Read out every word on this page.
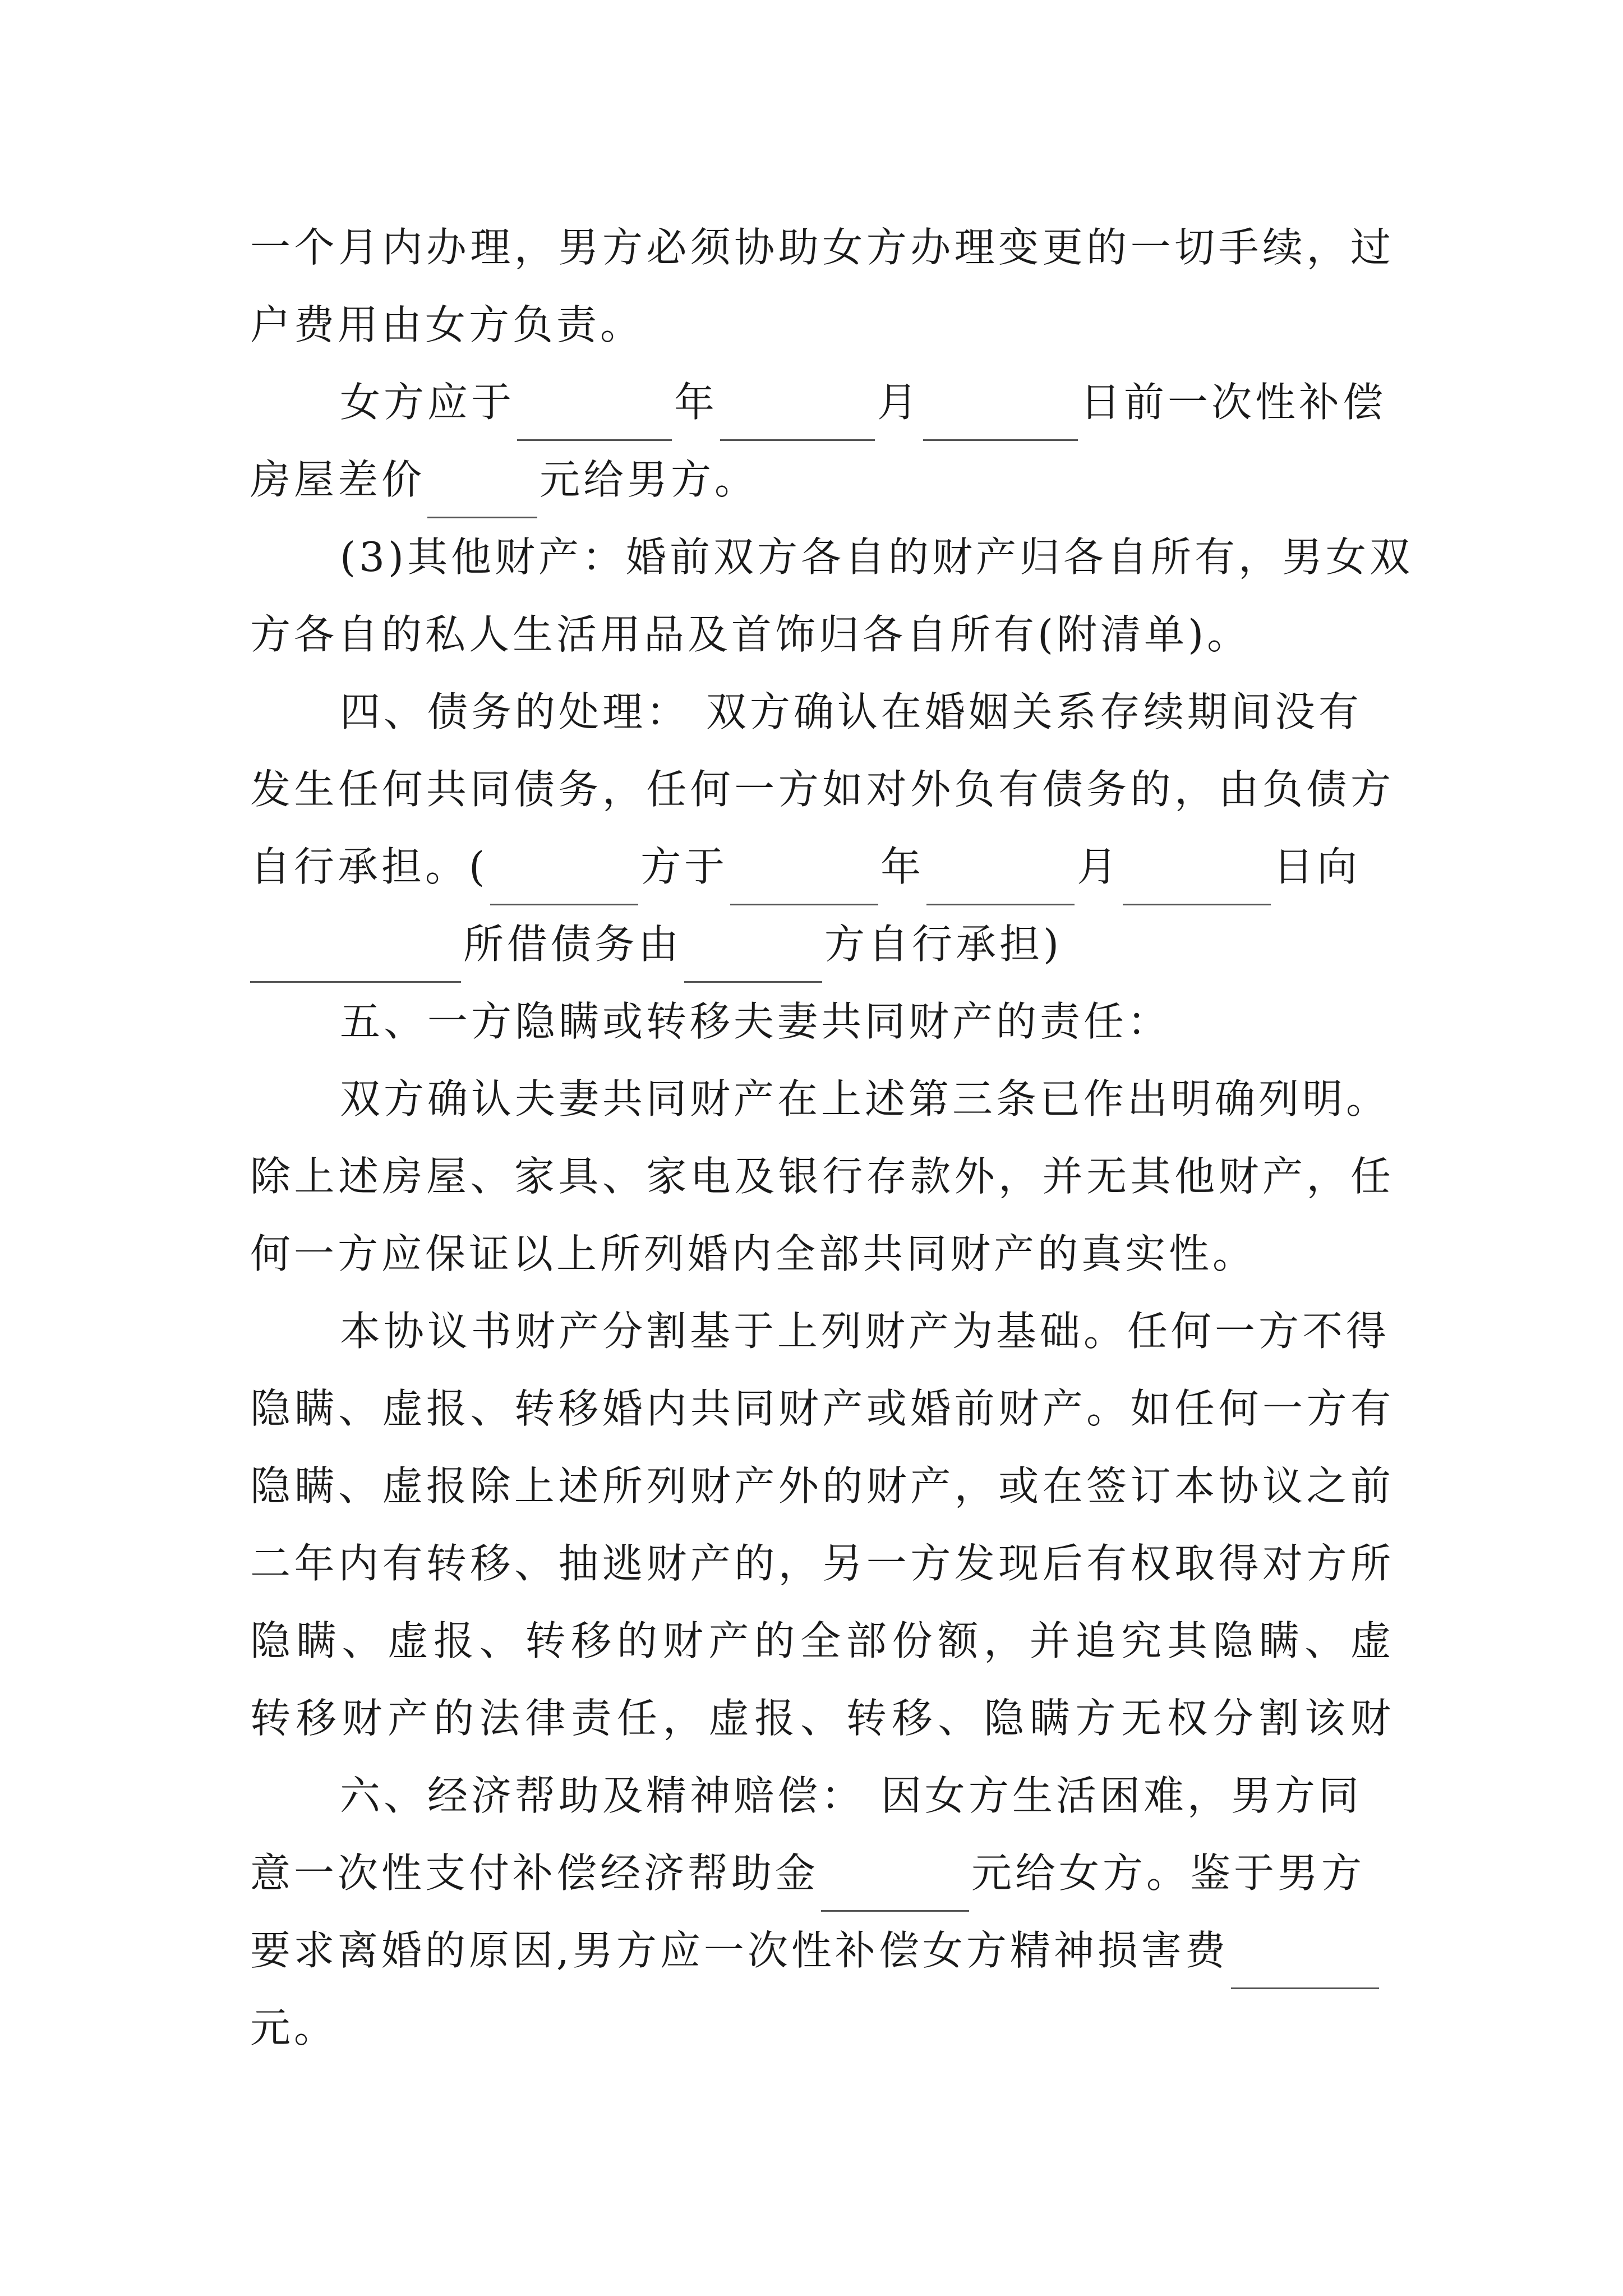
一个月内办理，男方必须协助女方办理变更的一切手续，过
户费用由女方负责。
女方应于	年	月	日前一次性补偿
房屋差价	元给男方。
(3)其他财产：婚前双方各自的财产归各自所有，男女双
方各自的私人生活用品及首饰归各自所有(附清单)。
四、债务的处理： 双方确认在婚姻关系存续期间没有
发生任何共同债务，任何一方如对外负有债务的，由负债方
自行承担。(	方于	年	月	日向
所借债务由	方自行承担)
五、一方隐瞒或转移夫妻共同财产的责任：
双方确认夫妻共同财产在上述第三条已作出明确列明。
除上述房屋、家具、家电及银行存款外，并无其他财产，任
何一方应保证以上所列婚内全部共同财产的真实性。
本协议书财产分割基于上列财产为基础。任何一方不得
隐瞒、虚报、转移婚内共同财产或婚前财产。如任何一方有
隐瞒、虚报除上述所列财产外的财产，或在签订本协议之前
二年内有转移、抽逃财产的，另一方发现后有权取得对方所
隐瞒、虚报、转移的财产的全部份额，并追究其隐瞒、虚
转移财产的法律责任，虚报、转移、隐瞒方无权分割该财
六、经济帮助及精神赔偿： 因女方生活困难，男方同
意一次性支付补偿经济帮助金	元给女方。鉴于男方
要求离婚的原因,男方应一次性补偿女方精神损害费
元。
